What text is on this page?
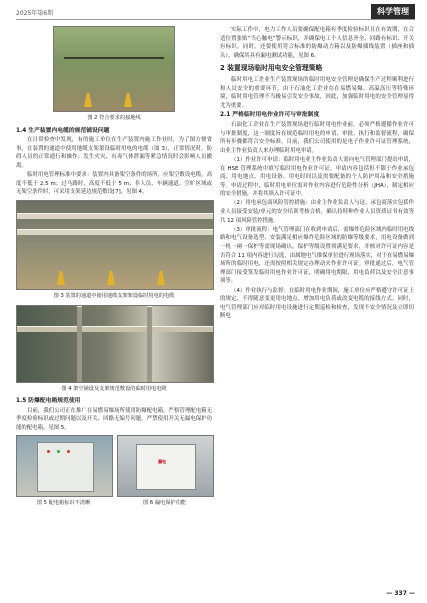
2025年第6期	科学管理
图 2 符合要求的接地线
1.4 生产装置内电缆的规范铺设问题

在日常检查中发现，有的施工单位在生产装置内施工作业时，为了图方便省事，在装置的通道中使用地缆支架架设临时用电的电缆（图 3），正常情况时，防碍人员的正常通行和操作；发生火灾、有毒气体泄漏等紧急情况时会影响人员撤离。

临时用电管理标准中要求：装置内具备架空条件的场所，应架空敷设电缆，高度不低于 2.5 m；过马路时，高度不低于 5 m；非人员、车辆通道、空旷区域或无架空条件时，可采用支架延边规范敷设[7]，见图 4。

图 3 装置的通道中使用地缆支架架设临时用电的电缆
图 4 架空铺设及支架规范敷设的临时用电电缆
1.5 防爆配电箱规范使用

目前，我们公司正在推广在易燃易爆场所使用防爆配电箱，严格管理配电箱无季度检验标识或过期问题以及开关、回路无编号问题。严禁使用开关无漏电保护功能的配电箱，见图 5。

图 5 配电箱标识不清晰
漏电
图 6 漏电保护功能

实际工作中，电力工作人员要确保配电箱有季度检验标识且在有效期，在合适位置张贴“当心触电”警示标识，并确保电工个人信息齐全、回路有标识、开关有标识。同时，还要使用符合标准的防爆动力箱以及防爆插线装置（插座和插头），确保其具有漏电测试功能，见图 6。

2 装置现场临时用电安全管理策略

临时用电工企业生产装置现场的临时用电安全管理是确保生产过程顺利进行和人员安全的重要环节，由于石油化工企业存在易燃易爆、高温高压等特殊环境，临时用电管理不当极易引发安全事故，因此，加强临时用电的安全管理显得尤为重要。

2.1 严格临时用电作业许可与审批制度

石油化工企业在生产装置现场进行临时用电作业前，必须严格遵循作业许可与审批制度，这一制度旨在规范临时用电的申请、审批、执行和监督流程，确保所有步骤都符合安全标准。目前，我们公司使用的是电子作业许可证管理系统，由业主作业负责人来办理临时用电审请。

（1）作业许可申请：临时用电业主作业负责人需向电气管理部门提出申请，在 HSE 管理系统中填写临时用电作业许可证。申请内容包括但不限于作业承包商、用电地点、用电设备、用电时间以及需要配备的个人防护用品和安全措施等。申请过程中，临时用电单位需对作业内容进行危险性分析（JHA），制定相应的安全措施，并将其填入许可证中。

（2）用电承包商风险管控措施：由业主作业负责人与这、承包商落实包括作业人员接受安装/单元的安全培训考核合格，确认持特种作业人员资质证书有效等共 12 项风险管控措施。

（3）审批流程：电气管理部门在收到申请后，需爆炸危险区域内临时用电线路和电气设备选型、安装满足相应爆炸危险区域的防爆等级要求，用电设备做到一机一闸一保护等需现场确认，保护等级设置须满足要求，并核对许可证内容是否符合 11 项内容进行勾选，由属地电气维保单位进行现场落实，对于在易燃易爆场所的临时用电，还需按照相关规定办理动火作业许可证。审批通过后，电气管理部门接受签发临时用电作业许可证，明确用电期限、用电负荷以及安全注意事项等。

（4）作业执行与监督：在临时用电作业期间，施工单位应严格遵守许可证上的规定，不得随意变更用电地点，增加用电负荷或改变电缆的接线方式。同时，电气管理部门应对临时用电设施进行定期巡检和检查，发现不安全情况及立即切断电

— 337 —
